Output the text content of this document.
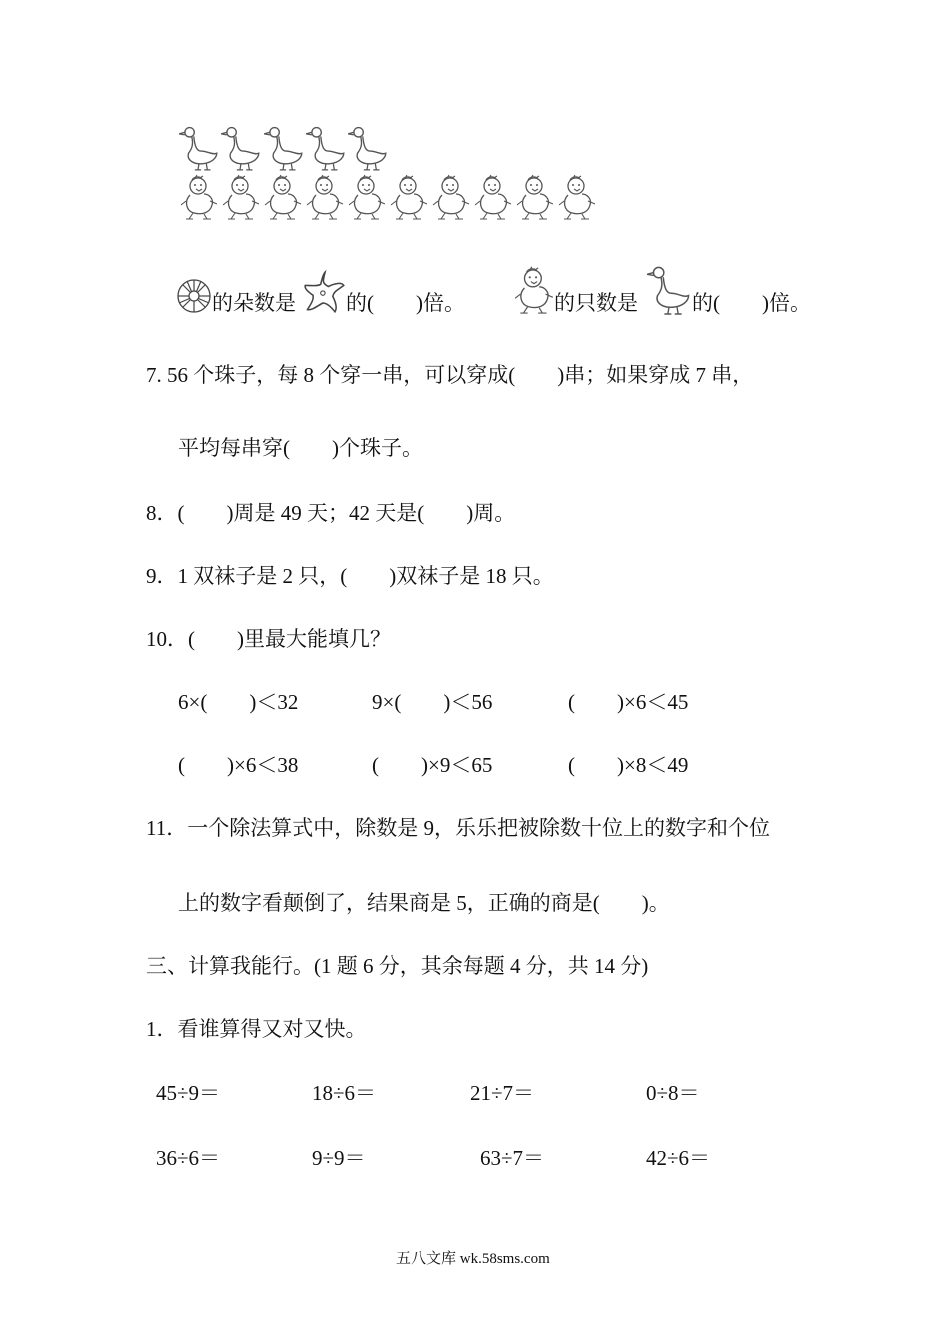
的朵数是 的(　　)倍。	的只数是	的(　　)倍。
7. 56 个珠子，每 8 个穿一串，可以穿成(　　)串；如果穿成 7 串，
平均每串穿(　　)个珠子。
8．(　　)周是 49 天；42 天是(　　)周。
9．1 双袜子是 2 只，(　　)双袜子是 18 只。
10．(　　)里最大能填几？
6×(　　)＜32	9×(　　)＜56	(　　)×6＜45
(　　)×6＜38	(　　)×9＜65	(　　)×8＜49
11．一个除法算式中，除数是 9，乐乐把被除数十位上的数字和个位
上的数字看颠倒了，结果商是 5，正确的商是(　　)。
三、计算我能行。(1 题 6 分，其余每题 4 分，共 14 分)
1．看谁算得又对又快。
45÷9＝	18÷6＝	21÷7＝	0÷8＝
36÷6＝	9÷9＝	63÷7＝	42÷6＝
五八文库 wk.58sms.com
